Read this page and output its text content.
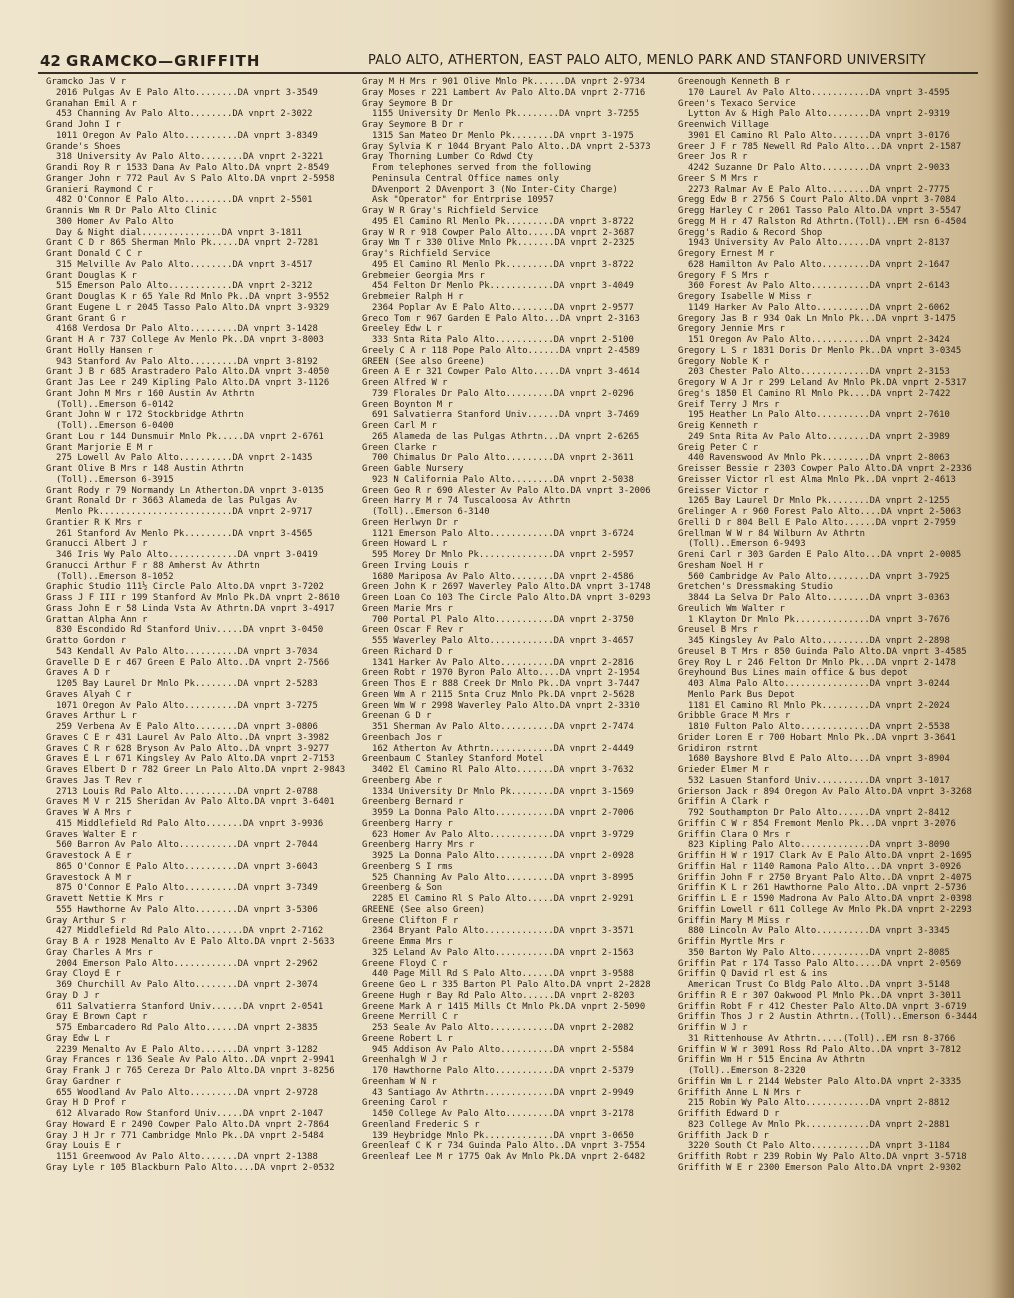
42 GRAMCKO—GRIFFITH	PALO ALTO, ATHERTON, EAST PALO ALTO, MENLO PARK AND STANFORD UNIVERSITY
Gramcko Jas V r
2016 Pulgas Av E Palo Alto........DA vnprt 3-3549
Granahan Emil A r
453 Channing Av Palo Alto........DA vnprt 2-3022
Grand John I r
1011 Oregon Av Palo Alto..........DA vnprt 3-8349
Grande's Shoes
318 University Av Palo Alto........DA vnprt 2-3221
Grandi Roy R r 1533 Dana Av Palo Alto.DA vnprt 2-8549
Granger John r 772 Paul Av S Palo Alto.DA vnprt 2-5958
Granieri Raymond C r
482 O'Connor E Palo Alto.........DA vnprt 2-5501
Grannis Wm R Dr Palo Alto Clinic
300 Homer Av Palo Alto
Day & Night dial...............DA vnprt 3-1811
Grant C D r 865 Sherman Mnlo Pk.....DA vnprt 2-7281
Grant Donald C C r
315 Melville Av Palo Alto........DA vnprt 3-4517
Grant Douglas K r
515 Emerson Palo Alto............DA vnprt 2-3212
Grant Douglas K r 65 Yale Rd Mnlo Pk..DA vnprt 3-9552
Grant Eugene L r 2045 Tasso Palo Alto.DA vnprt 3-9329
Grant Grant G r
4168 Verdosa Dr Palo Alto.........DA vnprt 3-1428
Grant H A r 737 College Av Menlo Pk..DA vnprt 3-8003
Grant Holly Hansen r
943 Stanford Av Palo Alto.........DA vnprt 3-8192
Grant J B r 685 Arastradero Palo Alto.DA vnprt 3-4050
Grant Jas Lee r 249 Kipling Palo Alto.DA vnprt 3-1126
Grant John M Mrs r 160 Austin Av Athrtn
(Toll)..Emerson 6-0142
Grant John W r 172 Stockbridge Athrtn
(Toll)..Emerson 6-0400
Grant Lou r 144 Dunsmuir Mnlo Pk.....DA vnprt 2-6761
Grant Marjorie E M r
275 Lowell Av Palo Alto..........DA vnprt 2-1435
Grant Olive B Mrs r 148 Austin Athrtn
(Toll)..Emerson 6-3915
Grant Rody r 79 Normandy Ln Atherton.DA vnprt 3-0135
Grant Ronald Dr r 3663 Alameda de las Pulgas Av
Menlo Pk.........................DA vnprt 2-9717
Grantier R K Mrs r
261 Stanford Av Menlo Pk.........DA vnprt 3-4565
Granucci Albert J r
346 Iris Wy Palo Alto.............DA vnprt 3-0419
Granucci Arthur F r 88 Amherst Av Athrtn
(Toll)..Emerson 8-1052
Graphic Studio 111½ Circle Palo Alto.DA vnprt 3-7202
Grass J F III r 199 Stanford Av Mnlo Pk.DA vnprt 2-8610
Grass John E r 58 Linda Vsta Av Athrtn.DA vnprt 3-4917
Grattan Alpha Ann r
830 Escondido Rd Stanford Univ.....DA vnprt 3-0450
Gratto Gordon r
543 Kendall Av Palo Alto..........DA vnprt 3-7034
Gravelle D E r 467 Green E Palo Alto..DA vnprt 2-7566
Graves A D r
1205 Bay Laurel Dr Mnlo Pk........DA vnprt 2-5283
Graves Alyah C r
1071 Oregon Av Palo Alto..........DA vnprt 3-7275
Graves Arthur L r
259 Verbena Av E Palo Alto........DA vnprt 3-0806
Graves C E r 431 Laurel Av Palo Alto..DA vnprt 3-3982
Graves C R r 628 Bryson Av Palo Alto..DA vnprt 3-9277
Graves E L r 671 Kingsley Av Palo Alto.DA vnprt 2-7153
Graves Elbert D r 782 Greer Ln Palo Alto.DA vnprt 2-9843
Graves Jas T Rev r
2713 Louis Rd Palo Alto...........DA vnprt 2-0788
Graves M V r 215 Sheridan Av Palo Alto.DA vnprt 3-6401
Graves W A Mrs r
415 Middlefield Rd Palo Alto.......DA vnprt 3-9936
Graves Walter E r
560 Barron Av Palo Alto...........DA vnprt 2-7044
Gravestock A E r
865 O'Connor E Palo Alto..........DA vnprt 3-6043
Gravestock A M r
875 O'Connor E Palo Alto..........DA vnprt 3-7349
Gravett Nettie K Mrs r
555 Hawthorne Av Palo Alto........DA vnprt 3-5306
Gray Arthur S r
427 Middlefield Rd Palo Alto.......DA vnprt 2-7162
Gray B A r 1928 Menalto Av E Palo Alto.DA vnprt 2-5633
Gray Charles A Mrs r
2004 Emerson Palo Alto............DA vnprt 2-2962
Gray Cloyd E r
369 Churchill Av Palo Alto........DA vnprt 2-3074
Gray D J r
611 Salvatierra Stanford Univ......DA vnprt 2-0541
Gray E Brown Capt r
575 Embarcadero Rd Palo Alto......DA vnprt 2-3835
Gray Edw L r
2239 Menalto Av E Palo Alto.......DA vnprt 3-1282
Gray Frances r 136 Seale Av Palo Alto..DA vnprt 2-9941
Gray Frank J r 765 Cereza Dr Palo Alto.DA vnprt 3-8256
Gray Gardner r
655 Woodland Av Palo Alto.........DA vnprt 2-9728
Gray H D Prof r
612 Alvarado Row Stanford Univ.....DA vnprt 2-1047
Gray Howard E r 2490 Cowper Palo Alto.DA vnprt 2-7864
Gray J H Jr r 771 Cambridge Mnlo Pk..DA vnprt 2-5484
Gray Louis E r
1151 Greenwood Av Palo Alto.......DA vnprt 2-1388
Gray Lyle r 105 Blackburn Palo Alto....DA vnprt 2-0532
Gray M H Mrs r 901 Olive Mnlo Pk......DA vnprt 2-9734
Gray Moses r 221 Lambert Av Palo Alto.DA vnprt 2-7716
Gray Seymore B Dr
1155 University Dr Menlo Pk........DA vnprt 3-7255
Gray Seymore B Dr r
1315 San Mateo Dr Menlo Pk........DA vnprt 3-1975
Gray Sylvia K r 1044 Bryant Palo Alto..DA vnprt 2-5373
Gray Thorning Lumber Co Rdwd Cty
From telephones served from the following
Peninsula Central Office names only
DAvenport 2 DAvenport 3 (No Inter-City Charge)
Ask "Operator" for Entrprise 10957
Gray W R Gray's Richfield Service
495 El Camino Rl Menlo Pk.........DA vnprt 3-8722
Gray W R r 918 Cowper Palo Alto.....DA vnprt 2-3687
Gray Wm T r 330 Olive Mnlo Pk.......DA vnprt 2-2325
Gray's Richfield Service
495 El Camino Rl Menlo Pk.........DA vnprt 3-8722
Grebmeier Georgia Mrs r
454 Felton Dr Menlo Pk............DA vnprt 3-4049
Grebmeier Ralph H r
2364 Poplar Av E Palo Alto........DA vnprt 2-9577
Greco Tom r 967 Garden E Palo Alto...DA vnprt 2-3163
Greeley Edw L r
333 Snta Rita Palo Alto...........DA vnprt 2-5100
Greely C A r 118 Pope Palo Alto......DA vnprt 2-4589
GREEN (See also Greene)
Green A E r 321 Cowper Palo Alto.....DA vnprt 3-4614
Green Alfred W r
739 Florales Dr Palo Alto.........DA vnprt 2-0296
Green Boynton M r
691 Salvatierra Stanford Univ......DA vnprt 3-7469
Green Carl M r
265 Alameda de las Pulgas Athrtn...DA vnprt 2-6265
Green Clarke r
700 Chimalus Dr Palo Alto.........DA vnprt 2-3611
Green Gable Nursery
923 N California Palo Alto........DA vnprt 2-5038
Green Geo R r 690 Alester Av Palo Alto.DA vnprt 3-2006
Green Harry M r 74 Tuscaloosa Av Athrtn
(Toll)..Emerson 6-3140
Green Herlwyn Dr r
1121 Emerson Palo Alto............DA vnprt 3-6724
Green Howard L r
595 Morey Dr Mnlo Pk..............DA vnprt 2-5957
Green Irving Louis r
1680 Mariposa Av Palo Alto........DA vnprt 2-4586
Green John K r 2697 Waverley Palo Alto.DA vnprt 3-1748
Green Loan Co 103 The Circle Palo Alto.DA vnprt 3-0293
Green Marie Mrs r
700 Portal Pl Palo Alto...........DA vnprt 2-3750
Green Oscar F Rev r
555 Waverley Palo Alto............DA vnprt 3-4657
Green Richard D r
1341 Harker Av Palo Alto..........DA vnprt 2-2816
Green Robt r 1970 Byron Palo Alto....DA vnprt 2-1954
Green Thos E r 888 Creek Dr Mnlo Pk..DA vnprt 3-7447
Green Wm A r 2115 Snta Cruz Mnlo Pk.DA vnprt 2-5628
Green Wm W r 2998 Waverley Palo Alto.DA vnprt 2-3310
Greenan G D r
351 Sherman Av Palo Alto..........DA vnprt 2-7474
Greenbach Jos r
162 Atherton Av Athrtn............DA vnprt 2-4449
Greenbaum C Stanley Stanford Motel
3402 El Camino Rl Palo Alto.......DA vnprt 3-7632
Greenberg Abe r
1334 University Dr Mnlo Pk........DA vnprt 3-1569
Greenberg Bernard r
3959 La Donna Palo Alto...........DA vnprt 2-7006
Greenberg Harry r
623 Homer Av Palo Alto............DA vnprt 3-9729
Greenberg Harry Mrs r
3925 La Donna Palo Alto...........DA vnprt 2-0928
Greenberg S I rms
525 Channing Av Palo Alto.........DA vnprt 3-8995
Greenberg & Son
2285 El Camino Rl S Palo Alto.....DA vnprt 2-9291
GREENE (See also Green)
Greene Clifton F r
2364 Bryant Palo Alto.............DA vnprt 3-3571
Greene Emma Mrs r
325 Leland Av Palo Alto...........DA vnprt 2-1563
Greene Floyd C r
440 Page Mill Rd S Palo Alto......DA vnprt 3-9588
Greene Geo L r 335 Barton Pl Palo Alto.DA vnprt 2-2828
Greene Hugh r Bay Rd Palo Alto......DA vnprt 2-8203
Greene Mark A r 1415 Mills Ct Mnlo Pk.DA vnprt 2-5090
Greene Merrill C r
253 Seale Av Palo Alto............DA vnprt 2-2082
Greene Robert L r
945 Addison Av Palo Alto..........DA vnprt 2-5584
Greenhalgh W J r
170 Hawthorne Palo Alto...........DA vnprt 2-5379
Greenham W N r
43 Santiago Av Athrtn.............DA vnprt 2-9949
Greening Carol r
1450 College Av Palo Alto.........DA vnprt 3-2178
Greenland Frederic S r
139 Heybridge Mnlo Pk.............DA vnprt 3-0650
Greenleaf C K r 734 Guinda Palo Alto..DA vnprt 3-7554
Greenleaf Lee M r 1775 Oak Av Mnlo Pk.DA vnprt 2-6482
Greenough Kenneth B r
170 Laurel Av Palo Alto...........DA vnprt 3-4595
Green's Texaco Service
Lytton Av & High Palo Alto........DA vnprt 2-9319
Greenwich Village
3901 El Camino Rl Palo Alto.......DA vnprt 3-0176
Greer J F r 785 Newell Rd Palo Alto...DA vnprt 2-1587
Greer Jos R r
4242 Suzanne Dr Palo Alto.........DA vnprt 2-9033
Greer S M Mrs r
2273 Ralmar Av E Palo Alto........DA vnprt 2-7775
Gregg Edw B r 2756 S Court Palo Alto.DA vnprt 3-7084
Gregg Harley C r 2061 Tasso Palo Alto.DA vnprt 3-5547
Gregg M H r 47 Ralston Rd Athrtn.(Toll)..EM rsn 6-4504
Gregg's Radio & Record Shop
1943 University Av Palo Alto......DA vnprt 2-8137
Gregory Ernest M r
628 Hamilton Av Palo Alto.........DA vnprt 2-1647
Gregory F S Mrs r
360 Forest Av Palo Alto...........DA vnprt 2-6143
Gregory Isabelle W Miss r
1149 Harker Av Palo Alto..........DA vnprt 2-6062
Gregory Jas B r 934 Oak Ln Mnlo Pk...DA vnprt 3-1475
Gregory Jennie Mrs r
151 Oregon Av Palo Alto...........DA vnprt 2-3424
Gregory L S r 1831 Doris Dr Menlo Pk..DA vnprt 3-0345
Gregory Noble K r
203 Chester Palo Alto.............DA vnprt 2-3153
Gregory W A Jr r 299 Leland Av Mnlo Pk.DA vnprt 2-5317
Greg's 1850 El Camino Rl Mnlo Pk....DA vnprt 2-7422
Greif Terry J Mrs r
195 Heather Ln Palo Alto..........DA vnprt 2-7610
Greig Kenneth r
249 Snta Rita Av Palo Alto........DA vnprt 2-3989
Greig Peter C r
440 Ravenswood Av Mnlo Pk.........DA vnprt 2-8063
Greisser Bessie r 2303 Cowper Palo Alto.DA vnprt 2-2336
Greisser Victor rl est Alma Mnlo Pk..DA vnprt 2-4613
Greisser Victor r
1265 Bay Laurel Dr Mnlo Pk........DA vnprt 2-1255
Grelinger A r 960 Forest Palo Alto....DA vnprt 2-5063
Grelli D r 804 Bell E Palo Alto......DA vnprt 2-7959
Grellman W W r 84 Wilburn Av Athrtn
(Toll)..Emerson 6-9493
Greni Carl r 303 Garden E Palo Alto...DA vnprt 2-0085
Gresham Noel H r
560 Cambridge Av Palo Alto........DA vnprt 3-7925
Gretchen's Dressmaking Studio
3844 La Selva Dr Palo Alto........DA vnprt 3-0363
Greulich Wm Walter r
1 Klayton Dr Mnlo Pk..............DA vnprt 3-7676
Greusel B Mrs r
345 Kingsley Av Palo Alto.........DA vnprt 2-2898
Greusel B T Mrs r 850 Guinda Palo Alto.DA vnprt 3-4585
Grey Roy L r 246 Felton Dr Mnlo Pk...DA vnprt 2-1478
Greyhound Bus Lines main office & bus depot
403 Alma Palo Alto................DA vnprt 3-0244
Menlo Park Bus Depot
1181 El Camino Rl Mnlo Pk.........DA vnprt 2-2024
Gribble Grace M Mrs r
1810 Fulton Palo Alto.............DA vnprt 2-5538
Grider Loren E r 700 Hobart Mnlo Pk..DA vnprt 3-3641
Gridiron rstrnt
1680 Bayshore Blvd E Palo Alto....DA vnprt 3-8904
Grieder Elmer M r
532 Lasuen Stanford Univ..........DA vnprt 3-1017
Grierson Jack r 894 Oregon Av Palo Alto.DA vnprt 3-3268
Griffin A Clark r
792 Southampton Dr Palo Alto......DA vnprt 2-8412
Griffin C W r 854 Fremont Menlo Pk...DA vnprt 3-2076
Griffin Clara O Mrs r
823 Kipling Palo Alto.............DA vnprt 3-8090
Griffin H W r 1917 Clark Av E Palo Alto.DA vnprt 2-1695
Griffin Hal r 1140 Ramona Palo Alto...DA vnprt 3-0926
Griffin John F r 2750 Bryant Palo Alto..DA vnprt 2-4075
Griffin K L r 261 Hawthorne Palo Alto..DA vnprt 2-5736
Griffin L E r 1590 Madrona Av Palo Alto.DA vnprt 2-0398
Griffin Lowell r 611 College Av Mnlo Pk.DA vnprt 2-2293
Griffin Mary M Miss r
880 Lincoln Av Palo Alto..........DA vnprt 3-3345
Griffin Myrtle Mrs r
350 Barton Wy Palo Alto...........DA vnprt 2-8085
Griffin Pat r 174 Tasso Palo Alto.....DA vnprt 2-0569
Griffin Q David rl est & ins
American Trust Co Bldg Palo Alto..DA vnprt 3-5148
Griffin R E r 307 Oakwood Pl Mnlo Pk..DA vnprt 3-3011
Griffin Robt F r 412 Chester Palo Alto.DA vnprt 3-6719
Griffin Thos J r 2 Austin Athrtn..(Toll)..Emerson 6-3444
Griffin W J r
31 Rittenhouse Av Athrtn.....(Toll)..EM rsn 8-3766
Griffin W W r 3091 Ross Rd Palo Alto..DA vnprt 3-7812
Griffin Wm H r 515 Encina Av Athrtn
(Toll)..Emerson 8-2320
Griffin Wm L r 2144 Webster Palo Alto.DA vnprt 2-3335
Griffith Anne L N Mrs r
215 Robin Wy Palo Alto............DA vnprt 2-8812
Griffith Edward D r
823 College Av Mnlo Pk............DA vnprt 2-2881
Griffith Jack D r
3220 South Ct Palo Alto...........DA vnprt 3-1184
Griffith Robt r 239 Robin Wy Palo Alto.DA vnprt 3-5718
Griffith W E r 2300 Emerson Palo Alto.DA vnprt 2-9302
